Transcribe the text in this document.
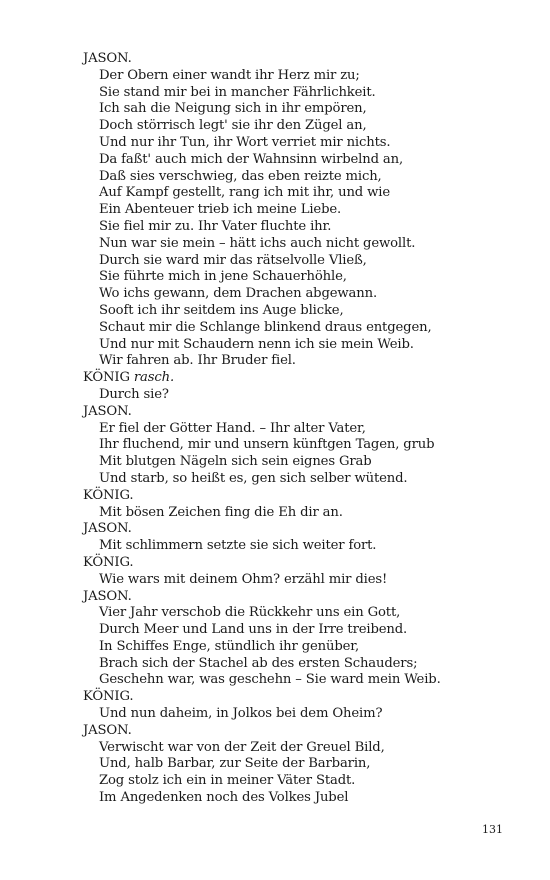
JASON.
Der Obern einer wandt ihr Herz mir zu;
Sie stand mir bei in mancher Fährlichkeit.
Ich sah die Neigung sich in ihr empören,
Doch störrisch legt' sie ihr den Zügel an,
Und nur ihr Tun, ihr Wort verriet mir nichts.
Da faßt' auch mich der Wahnsinn wirbelnd an,
Daß sies verschwieg, das eben reizte mich,
Auf Kampf gestellt, rang ich mit ihr, und wie
Ein Abenteuer trieb ich meine Liebe.
Sie fiel mir zu. Ihr Vater fluchte ihr.
Nun war sie mein – hätt ichs auch nicht gewollt.
Durch sie ward mir das rätselvolle Vließ,
Sie führte mich in jene Schauerhöhle,
Wo ichs gewann, dem Drachen abgewann.
Sooft ich ihr seitdem ins Auge blicke,
Schaut mir die Schlange blinkend draus entgegen,
Und nur mit Schaudern nenn ich sie mein Weib.
Wir fahren ab. Ihr Bruder fiel.
KÖNIG rasch.
Durch sie?
JASON.
Er fiel der Götter Hand. – Ihr alter Vater,
Ihr fluchend, mir und unsern künftgen Tagen, grub
Mit blutgen Nägeln sich sein eignes Grab
Und starb, so heißt es, gen sich selber wütend.
KÖNIG.
Mit bösen Zeichen fing die Eh dir an.
JASON.
Mit schlimmern setzte sie sich weiter fort.
KÖNIG.
Wie wars mit deinem Ohm? erzähl mir dies!
JASON.
Vier Jahr verschob die Rückkehr uns ein Gott,
Durch Meer und Land uns in der Irre treibend.
In Schiffes Enge, stündlich ihr genüber,
Brach sich der Stachel ab des ersten Schauders;
Geschehn war, was geschehn – Sie ward mein Weib.
KÖNIG.
Und nun daheim, in Jolkos bei dem Oheim?
JASON.
Verwischt war von der Zeit der Greuel Bild,
Und, halb Barbar, zur Seite der Barbarin,
Zog stolz ich ein in meiner Väter Stadt.
Im Angedenken noch des Volkes Jubel
131
